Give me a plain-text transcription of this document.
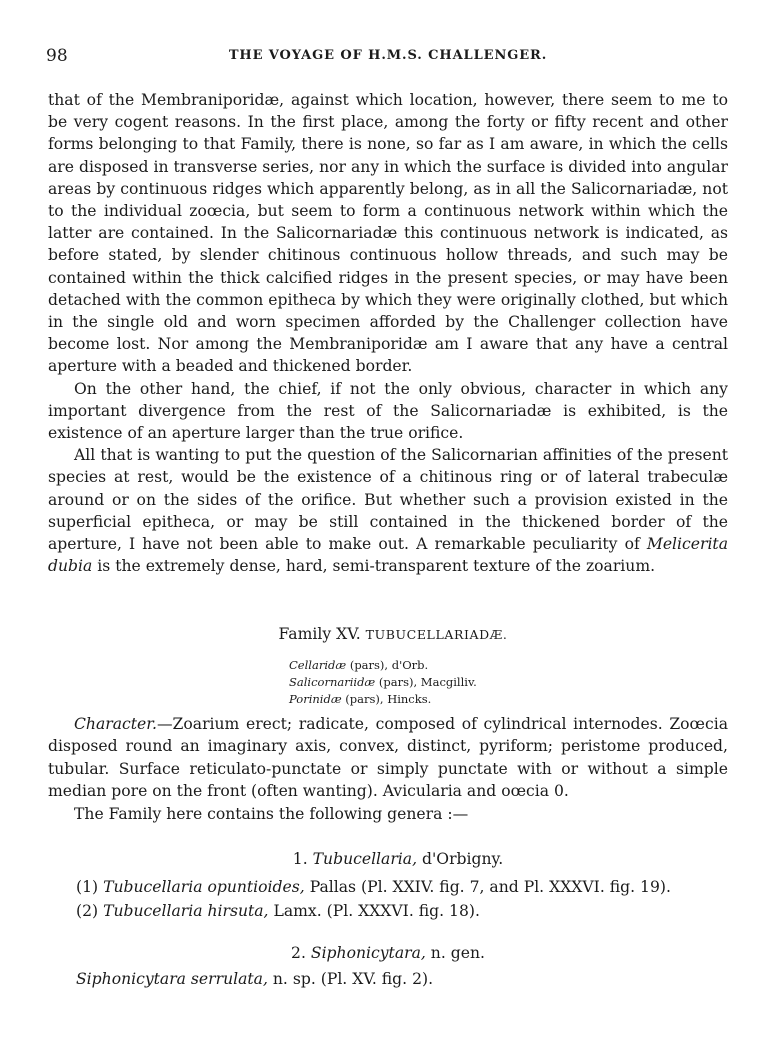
98	THE VOYAGE OF H.M.S. CHALLENGER.

that of the Membraniporidæ, against which location, however, there seem to me to be very cogent reasons. In the first place, among the forty or fifty recent and other forms belonging to that Family, there is none, so far as I am aware, in which the cells are disposed in transverse series, nor any in which the surface is divided into angular areas by continuous ridges which apparently belong, as in all the Salicornariadæ, not to the individual zoœcia, but seem to form a continuous network within which the latter are contained. In the Salicornariadæ this continuous network is indicated, as before stated, by slender chitinous continuous hollow threads, and such may be contained within the thick calcified ridges in the present species, or may have been detached with the common epitheca by which they were originally clothed, but which in the single old and worn specimen afforded by the Challenger collection have become lost. Nor among the Membraniporidæ am I aware that any have a central aperture with a beaded and thickened border.

On the other hand, the chief, if not the only obvious, character in which any important divergence from the rest of the Salicornariadæ is exhibited, is the existence of an aperture larger than the true orifice.

All that is wanting to put the question of the Salicornarian affinities of the present species at rest, would be the existence of a chitinous ring or of lateral trabeculæ around or on the sides of the orifice. But whether such a provision existed in the superficial epitheca, or may be still contained in the thickened border of the aperture, I have not been able to make out. A remarkable peculiarity of Melicerita dubia is the extremely dense, hard, semi-transparent texture of the zoarium.

Family XV. TUBUCELLARIADÆ.
Cellaridæ (pars), d'Orb.
Salicornariidæ (pars), Macgilliv.
Porinidæ (pars), Hincks.

Character.—Zoarium erect; radicate, composed of cylindrical internodes. Zoœcia disposed round an imaginary axis, convex, distinct, pyriform; peristome produced, tubular. Surface reticulato-punctate or simply punctate with or without a simple median pore on the front (often wanting). Avicularia and oœcia 0.

The Family here contains the following genera :—

1. Tubucellaria, d'Orbigny.
(1) Tubucellaria opuntioides, Pallas (Pl. XXIV. fig. 7, and Pl. XXXVI. fig. 19).
(2) Tubucellaria hirsuta, Lamx. (Pl. XXXVI. fig. 18).
2. Siphonicytara, n. gen.
Siphonicytara serrulata, n. sp. (Pl. XV. fig. 2).
